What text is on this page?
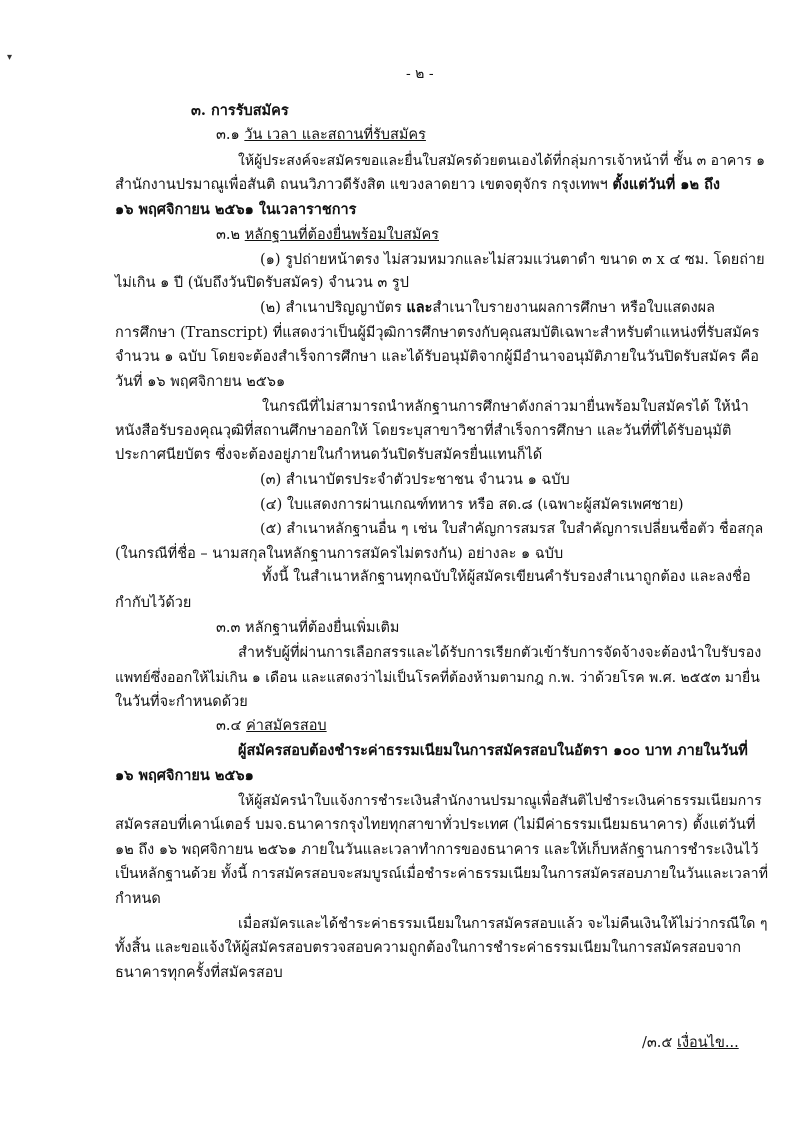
▾
- ๒ -
๓. การรับสมัคร
๓.๑ วัน เวลา และสถานที่รับสมัคร
ให้ผู้ประสงค์จะสมัครขอและยื่นใบสมัครด้วยตนเองได้ที่กลุ่มการเจ้าหน้าที่ ชั้น ๓ อาคาร ๑
สำนักงานปรมาณูเพื่อสันติ ถนนวิภาวดีรังสิต แขวงลาดยาว เขตจตุจักร กรุงเทพฯ ตั้งแต่วันที่ ๑๒ ถึง
๑๖ พฤศจิกายน ๒๕๖๑ ในเวลาราชการ
๓.๒ หลักฐานที่ต้องยื่นพร้อมใบสมัคร
(๑) รูปถ่ายหน้าตรง ไม่สวมหมวกและไม่สวมแว่นตาดำ ขนาด ๓ x ๔ ซม. โดยถ่าย
ไม่เกิน ๑ ปี (นับถึงวันปิดรับสมัคร) จำนวน ๓ รูป
(๒) สำเนาปริญญาบัตร และสำเนาใบรายงานผลการศึกษา หรือใบแสดงผล
การศึกษา (Transcript) ที่แสดงว่าเป็นผู้มีวุฒิการศึกษาตรงกับคุณสมบัติเฉพาะสำหรับตำแหน่งที่รับสมัคร
จำนวน ๑ ฉบับ โดยจะต้องสำเร็จการศึกษา และได้รับอนุมัติจากผู้มีอำนาจอนุมัติภายในวันปิดรับสมัคร คือ
วันที่ ๑๖ พฤศจิกายน ๒๕๖๑
ในกรณีที่ไม่สามารถนำหลักฐานการศึกษาดังกล่าวมายื่นพร้อมใบสมัครได้ ให้นำ
หนังสือรับรองคุณวุฒิที่สถานศึกษาออกให้ โดยระบุสาขาวิชาที่สำเร็จการศึกษา และวันที่ที่ได้รับอนุมัติ
ประกาศนียบัตร ซึ่งจะต้องอยู่ภายในกำหนดวันปิดรับสมัครยื่นแทนก็ได้
(๓) สำเนาบัตรประจำตัวประชาชน จำนวน ๑ ฉบับ
(๔) ใบแสดงการผ่านเกณฑ์ทหาร หรือ สด.๘ (เฉพาะผู้สมัครเพศชาย)
(๕) สำเนาหลักฐานอื่น ๆ เช่น ใบสำคัญการสมรส ใบสำคัญการเปลี่ยนชื่อตัว ชื่อสกุล
(ในกรณีที่ชื่อ – นามสกุลในหลักฐานการสมัครไม่ตรงกัน) อย่างละ ๑ ฉบับ
ทั้งนี้ ในสำเนาหลักฐานทุกฉบับให้ผู้สมัครเขียนคำรับรองสำเนาถูกต้อง และลงชื่อ
กำกับไว้ด้วย
๓.๓ หลักฐานที่ต้องยื่นเพิ่มเติม
สำหรับผู้ที่ผ่านการเลือกสรรและได้รับการเรียกตัวเข้ารับการจัดจ้างจะต้องนำใบรับรอง
แพทย์ซึ่งออกให้ไม่เกิน ๑ เดือน และแสดงว่าไม่เป็นโรคที่ต้องห้ามตามกฎ ก.พ. ว่าด้วยโรค พ.ศ. ๒๕๕๓ มายื่น
ในวันที่จะกำหนดด้วย
๓.๔ ค่าสมัครสอบ
ผู้สมัครสอบต้องชำระค่าธรรมเนียมในการสมัครสอบในอัตรา ๑๐๐ บาท ภายในวันที่
๑๖ พฤศจิกายน ๒๕๖๑
ให้ผู้สมัครนำใบแจ้งการชำระเงินสำนักงานปรมาณูเพื่อสันติไปชำระเงินค่าธรรมเนียมการ
สมัครสอบที่เคาน์เตอร์ บมจ.ธนาคารกรุงไทยทุกสาขาทั่วประเทศ (ไม่มีค่าธรรมเนียมธนาคาร) ตั้งแต่วันที่
๑๒ ถึง ๑๖ พฤศจิกายน ๒๕๖๑ ภายในวันและเวลาทำการของธนาคาร และให้เก็บหลักฐานการชำระเงินไว้
เป็นหลักฐานด้วย ทั้งนี้ การสมัครสอบจะสมบูรณ์เมื่อชำระค่าธรรมเนียมในการสมัครสอบภายในวันและเวลาที่
กำหนด
เมื่อสมัครและได้ชำระค่าธรรมเนียมในการสมัครสอบแล้ว จะไม่คืนเงินให้ไม่ว่ากรณีใด ๆ
ทั้งสิ้น และขอแจ้งให้ผู้สมัครสอบตรวจสอบความถูกต้องในการชำระค่าธรรมเนียมในการสมัครสอบจาก
ธนาคารทุกครั้งที่สมัครสอบ
/๓.๕ เงื่อนไข...
